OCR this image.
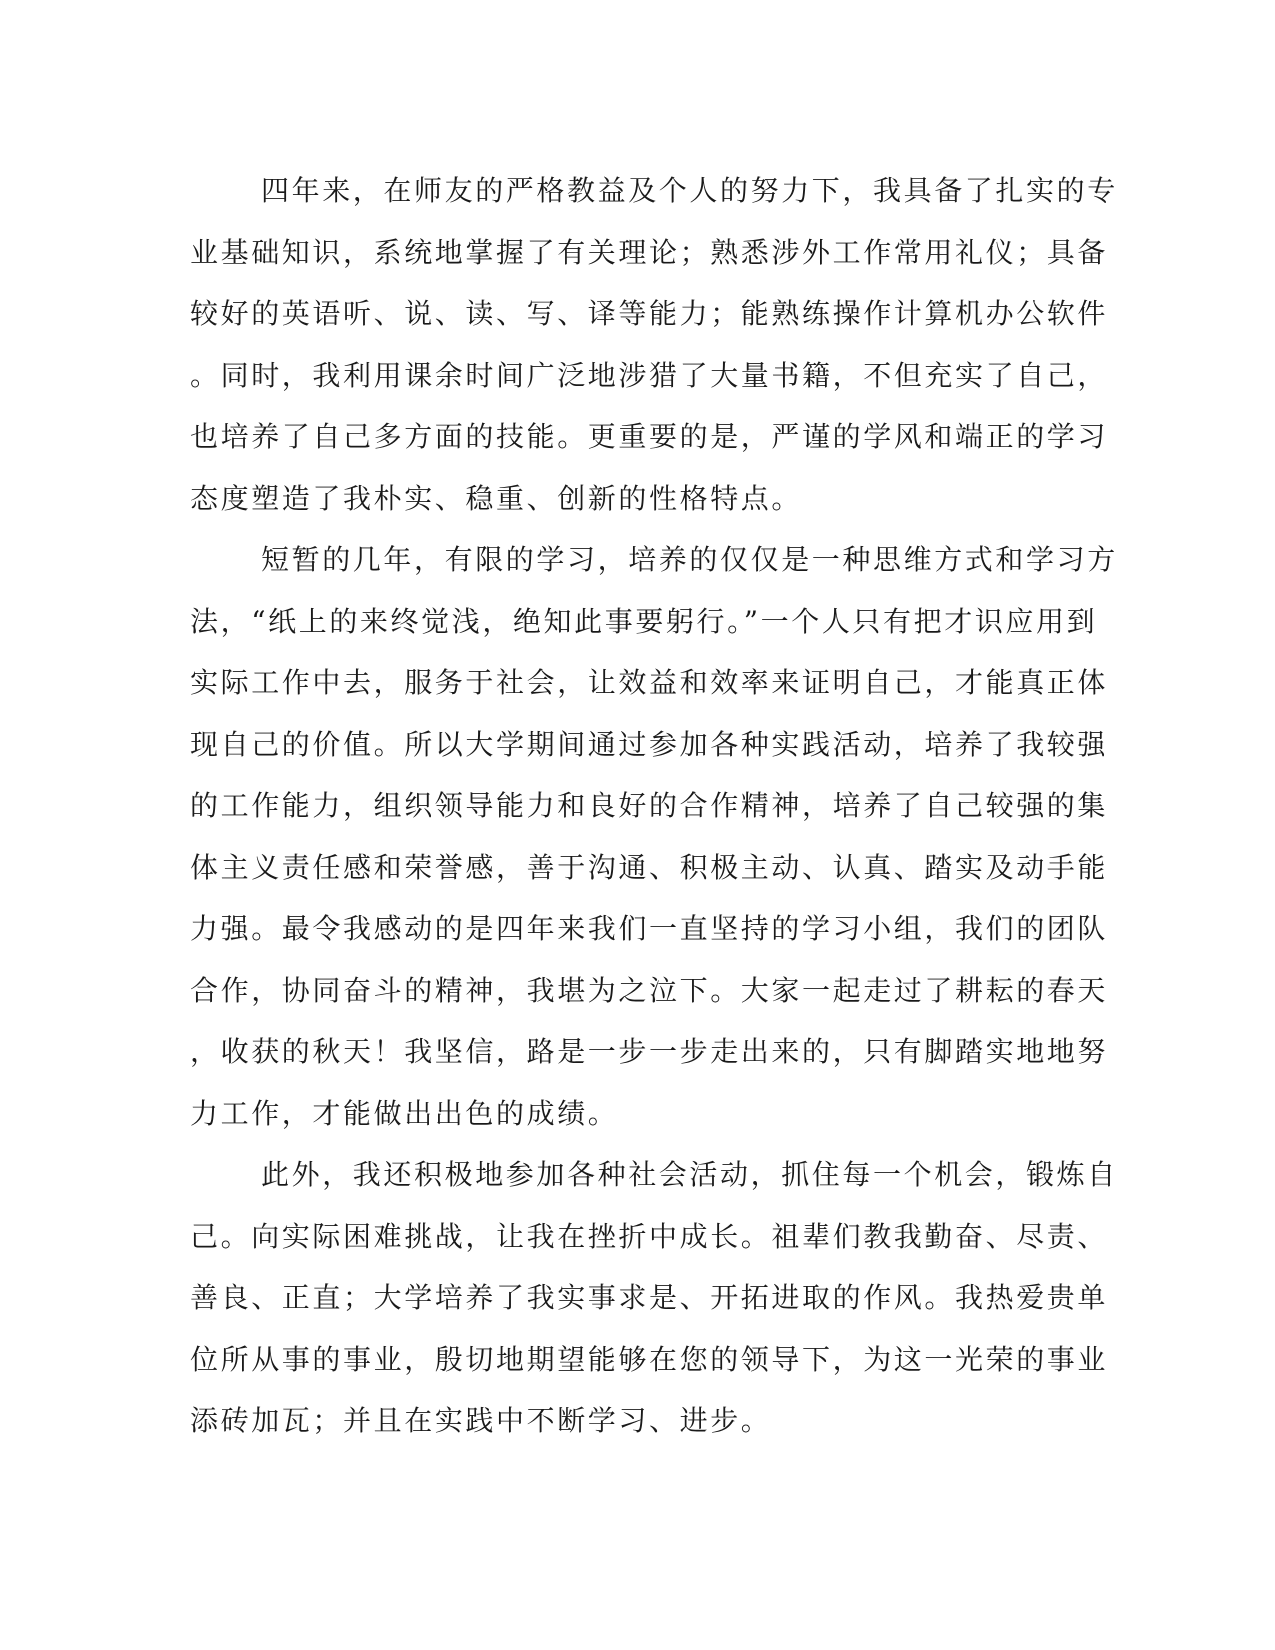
四年来，在师友的严格教益及个人的努力下，我具备了扎实的专
业基础知识，系统地掌握了有关理论；熟悉涉外工作常用礼仪；具备
较好的英语听、说、读、写、译等能力；能熟练操作计算机办公软件
。同时，我利用课余时间广泛地涉猎了大量书籍，不但充实了自己，
也培养了自己多方面的技能。更重要的是，严谨的学风和端正的学习
态度塑造了我朴实、稳重、创新的性格特点。

短暂的几年，有限的学习，培养的仅仅是一种思维方式和学习方
法，“纸上的来终觉浅，绝知此事要躬行。”一个人只有把才识应用到
实际工作中去，服务于社会，让效益和效率来证明自己，才能真正体
现自己的价值。所以大学期间通过参加各种实践活动，培养了我较强
的工作能力，组织领导能力和良好的合作精神，培养了自己较强的集
体主义责任感和荣誉感，善于沟通、积极主动、认真、踏实及动手能
力强。最令我感动的是四年来我们一直坚持的学习小组，我们的团队
合作，协同奋斗的精神，我堪为之泣下。大家一起走过了耕耘的春天
，收获的秋天！我坚信，路是一步一步走出来的，只有脚踏实地地努
力工作，才能做出出色的成绩。

此外，我还积极地参加各种社会活动，抓住每一个机会，锻炼自
己。向实际困难挑战，让我在挫折中成长。祖辈们教我勤奋、尽责、
善良、正直；大学培养了我实事求是、开拓进取的作风。我热爱贵单
位所从事的事业，殷切地期望能够在您的领导下，为这一光荣的事业
添砖加瓦；并且在实践中不断学习、进步。
